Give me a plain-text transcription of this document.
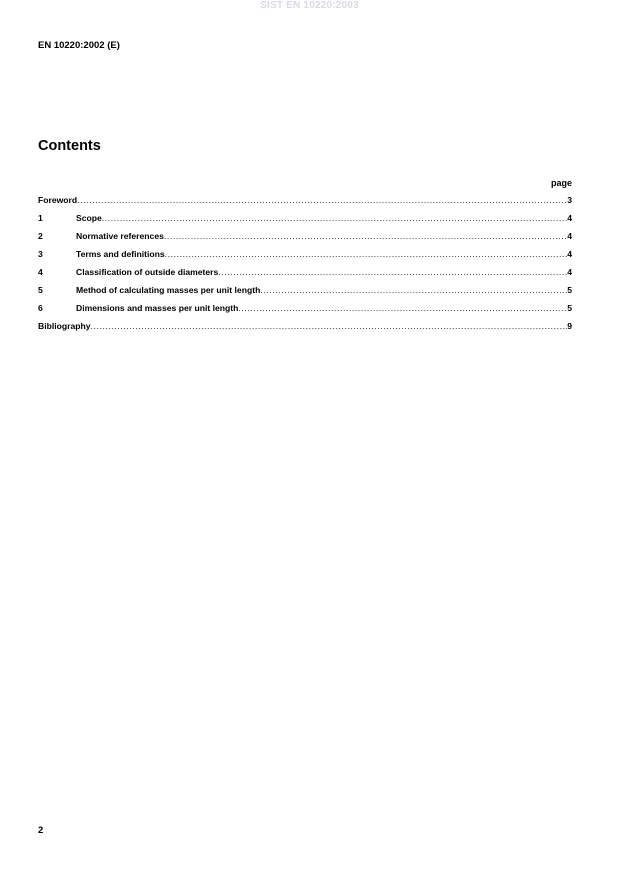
SIST EN 10220:2003
EN 10220:2002 (E)
Contents
page
Foreword .....	3
1	Scope .....	4
2	Normative references .....	4
3	Terms and definitions .....	4
4	Classification of outside diameters .....	4
5	Method of calculating masses per unit length .....	5
6	Dimensions and masses per unit length .....	5
Bibliography .....	9
2
